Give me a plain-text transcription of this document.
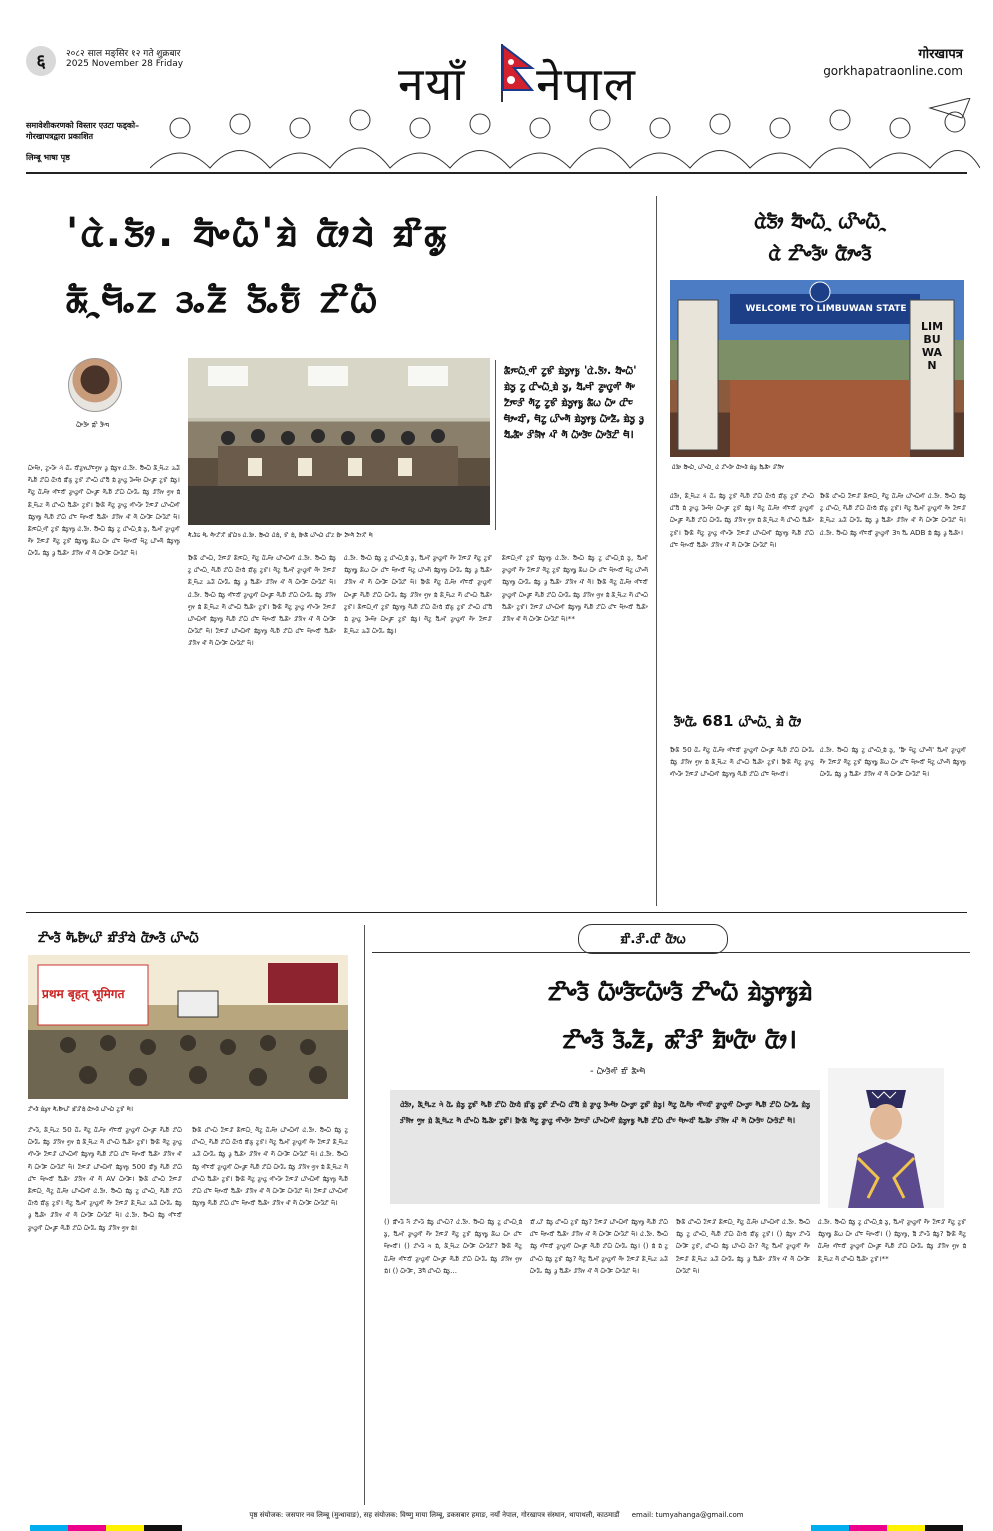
६	२०८२ साल मङ्सिर १२ गते शुक्रबार
2025 November 28 Friday	नयाँ नेपाल
गोरखापत्र
gorkhapatraonline.com
समावेशीकरणको विस्तार एउटा फड्को–
गोरखापत्रद्वारा प्रकाशित
लिम्बू भाषा पृष्ठ
'ᤂᤧ.ᤍᤥ. ᤔᤠᤴᤐᤠ'ᤀᤧ ᤂᤥᤔᤧ ᤀᤡᤊᤢ
ᤊᤠᤳᤗᤠᤱᤁ ᤋᤱᤏᤠ ᤍᤠᤱᤎᤠ ᤁᤡᤐᤠ
ᤐᤠᤸᤋᤠᤸ ᤀᤡ ᤋᤠᤸᤄ
ᤛᤠᤱᤋᤠᤒ ᤗᤠᤱ ᤛᤠᤸᤁᤡᤖᤡ ᤀᤡᤐᤠᤃ ᤂᤧ.ᤍᤥ. ᤔᤠᤴᤐᤠ ᤂᤧᤔᤧ, ᤃᤡ ᤔᤧ, ᤀᤠᤸᤊᤠ ᤐᤡᤴᤐᤠ ᤂᤡᤁ ᤀᤠᤸ ᤁᤠᤰᤛᤠ ᤁᤥᤖᤡ ᤗᤠ
ᤊᤥᤰᤐᤠᤳᤛᤡ ᤁᤢᤃᤡ ᤀᤧᤍᤢᤶᤃᤢ 'ᤂᤧ.ᤍᤥ. ᤔᤠᤴᤐᤠ' ᤀᤧᤍᤢ ᤁᤢ ᤂᤡᤴᤐᤠᤳᤀᤧ ᤍᤢ, ᤔᤠᤱᤗᤡ ᤏᤢᤸᤂᤢᤛᤡ ᤛᤠᤸ ᤁᤥᤰᤋᤡ ᤛᤠᤁᤢ ᤁᤢᤃᤡ ᤀᤧᤍᤢᤶᤃᤢᤢ ᤊᤠᤐ ᤐᤠᤸ ᤂᤡᤰ ᤗᤥᤴᤔᤡ, ᤗᤠᤁᤢ ᤐᤡᤴᤛᤠ ᤀᤧᤍᤢᤶᤃᤢ ᤐᤠᤸᤏᤠᤱ ᤀᤧᤍᤢ ᤋᤢ ᤔᤠᤱᤊᤠᤸ ᤋᤡᤈᤠᤶ ᤘᤡ ᤛᤠ ᤐᤠᤸᤋᤠᤰ ᤐᤠᤸᤋᤠᤁᤡ ᤗᤠ।
ᤐᤠᤸᤗᤥ, ᤁᤢᤴᤋᤠᤸ ᤆᤧ ᤂᤠᤱ ᤔᤡᤏᤢᤶᤐᤡᤰᤛᤢᤶ ᤋᤢ ᤀᤧᤍᤢᤶ ᤂᤧ.ᤍᤥ. ᤔᤠᤴᤐᤠ ᤊᤠᤳᤗᤠᤱᤁ ᤋᤱᤏᤠ ᤛᤠᤱᤎᤠ ᤁᤡᤐᤠ ᤂᤥᤔᤧ ᤀᤡᤊᤢ ᤁᤢᤃᤡ ᤁᤡᤴᤐᤠ ᤂᤡᤔᤠ ᤀᤧ ᤏᤢᤸᤂᤢ ᤋᤠᤴᤗᤥ ᤐᤠᤴᤋᤢᤰ ᤁᤢᤃᤡ ᤀᤧᤍᤢ। ᤛᤠᤁᤢ ᤂᤠᤱᤗᤥ ᤛᤡᤰᤔᤡ ᤏᤢᤸᤂᤢᤛᤡ ᤐᤠᤴᤋᤢᤰ ᤛᤠᤱᤎᤠ ᤁᤡᤐᤠ ᤐᤠᤸᤏᤠᤱ ᤀᤧᤍᤢ ᤋᤡᤈᤠᤶ ᤛᤢᤶ ᤀᤧ ᤊᤠᤳᤗᤠᤱᤁ ᤛᤠ ᤂᤡᤴᤐᤠ ᤔᤠᤱᤊᤠᤸ ᤁᤢᤃᤡ। ᤀᤠᤸᤊᤠ ᤛᤠᤁᤢ ᤏᤢᤸᤂᤢ ᤛᤡᤴᤋᤠᤸ ᤁᤥᤰᤋᤡ ᤐᤡᤴᤐᤠᤛᤡ ᤀᤧᤍᤢᤶᤃᤢ ᤛᤠᤱᤎᤠ ᤁᤡᤐᤠ ᤂᤡᤰ ᤗᤥᤴᤔᤡ ᤔᤠᤱᤊᤠᤸ ᤋᤡᤈᤠᤶ ᤘᤡ ᤛᤠ ᤐᤠᤸᤋᤠᤰ ᤐᤠᤸᤋᤠᤁᤡ ᤗᤠ। ᤊᤥᤰᤐᤠᤳᤛᤡ ᤁᤢᤃᤡ ᤀᤧᤍᤢᤶᤃᤢ ᤂᤧ.ᤍᤥ. ᤔᤠᤴᤐᤠ ᤀᤧᤍᤢ ᤁᤢ ᤂᤡᤴᤐᤠᤳᤀᤧ ᤍᤢ, ᤔᤠᤱᤗᤡ ᤏᤢᤸᤂᤢᤛᤡ ᤛᤠᤸ ᤁᤥᤰᤋᤡ ᤛᤠᤁᤢ ᤁᤢᤃᤡ ᤀᤧᤍᤢᤶᤃᤢᤢ ᤊᤠᤐ ᤐᤠᤸ ᤂᤡᤰ ᤗᤥᤴᤔᤡ ᤗᤠᤁᤢ ᤐᤡᤴᤛᤠ ᤀᤧᤍᤢᤶᤃᤢ ᤐᤠᤸᤏᤠᤱ ᤀᤧᤍᤢ ᤋᤢ ᤔᤠᤱᤊᤠᤸ ᤋᤡᤈᤠᤶ ᤘᤡ ᤛᤠ ᤐᤠᤸᤋᤠᤰ ᤐᤠᤸᤋᤠᤁᤡ ᤗᤠ।
ᤀᤠᤸᤊᤠ ᤂᤡᤴᤐᤠ, ᤁᤥᤰᤋᤡ ᤊᤥᤰᤐᤠᤳ ᤛᤠᤁᤢ ᤂᤠᤱᤗᤥ ᤐᤡᤴᤐᤠᤛᤡ ᤂᤧ.ᤍᤥ. ᤔᤠᤴᤐᤠ ᤀᤧᤍᤢ ᤁᤢ ᤂᤡᤴᤐᤠᤳ ᤛᤠᤱᤎᤠ ᤁᤡᤐᤠ ᤂᤥᤔᤧ ᤀᤡᤊᤢ ᤁᤢᤃᤡ। ᤛᤠᤁᤢ ᤔᤠᤱᤗᤡ ᤏᤢᤸᤂᤢᤛᤡ ᤛᤠᤸ ᤁᤥᤰᤋᤡ ᤊᤠᤳᤗᤠᤱᤁ ᤋᤱᤏᤠ ᤐᤠᤸᤏᤠᤱ ᤀᤧᤍᤢ ᤋᤢ ᤔᤠᤱᤊᤠᤸ ᤋᤡᤈᤠᤶ ᤘᤡ ᤛᤠ ᤐᤠᤸᤋᤠᤰ ᤐᤠᤸᤋᤠᤁᤡ ᤗᤠ। ᤂᤧ.ᤍᤥ. ᤔᤠᤴᤐᤠ ᤀᤧᤍᤢ ᤛᤡᤰᤔᤡ ᤏᤢᤸᤂᤢᤛᤡ ᤐᤠᤴᤋᤢᤰ ᤛᤠᤱᤎᤠ ᤁᤡᤐᤠ ᤐᤠᤸᤏᤠᤱ ᤀᤧᤍᤢ ᤋᤡᤈᤠᤶ ᤛᤢᤶ ᤀᤧ ᤊᤠᤳᤗᤠᤱᤁ ᤛᤠ ᤂᤡᤴᤐᤠ ᤔᤠᤱᤊᤠᤸ ᤁᤢᤃᤡ। ᤀᤠᤸᤊᤠ ᤛᤠᤁᤢ ᤏᤢᤸᤂᤢ ᤛᤡᤴᤋᤠᤸ ᤁᤥᤰᤋᤡ ᤐᤡᤴᤐᤠᤛᤡ ᤀᤧᤍᤢᤶᤃᤢ ᤛᤠᤱᤎᤠ ᤁᤡᤐᤠ ᤂᤡᤰ ᤗᤥᤴᤔᤡ ᤔᤠᤱᤊᤠᤸ ᤋᤡᤈᤠᤶ ᤘᤡ ᤛᤠ ᤐᤠᤸᤋᤠᤰ ᤐᤠᤸᤋᤠᤁᤡ ᤗᤠ। ᤁᤥᤰᤋᤡ ᤐᤡᤴᤐᤠᤛᤡ ᤀᤧᤍᤢᤶᤃᤢ ᤛᤠᤱᤎᤠ ᤁᤡᤐᤠ ᤂᤡᤰ ᤗᤥᤴᤔᤡ ᤔᤠᤱᤊᤠᤸ ᤋᤡᤈᤠᤶ ᤘᤡ ᤛᤠ ᤐᤠᤸᤋᤠᤰ ᤐᤠᤸᤋᤠᤁᤡ ᤗᤠ।
ᤂᤧ.ᤍᤥ. ᤔᤠᤴᤐᤠ ᤀᤧᤍᤢ ᤁᤢ ᤂᤡᤴᤐᤠᤳᤀᤧ ᤍᤢ, ᤔᤠᤱᤗᤡ ᤏᤢᤸᤂᤢᤛᤡ ᤛᤠᤸ ᤁᤥᤰᤋᤡ ᤛᤠᤁᤢ ᤁᤢᤃᤡ ᤀᤧᤍᤢᤶᤃᤢᤢ ᤊᤠᤐ ᤐᤠᤸ ᤂᤡᤰ ᤗᤥᤴᤔᤡ ᤗᤠᤁᤢ ᤐᤡᤴᤛᤠ ᤀᤧᤍᤢᤶᤃᤢ ᤐᤠᤸᤏᤠᤱ ᤀᤧᤍᤢ ᤋᤢ ᤔᤠᤱᤊᤠᤸ ᤋᤡᤈᤠᤶ ᤘᤡ ᤛᤠ ᤐᤠᤸᤋᤠᤰ ᤐᤠᤸᤋᤠᤁᤡ ᤗᤠ। ᤀᤠᤸᤊᤠ ᤛᤠᤁᤢ ᤂᤠᤱᤗᤥ ᤛᤡᤰᤔᤡ ᤏᤢᤸᤂᤢᤛᤡ ᤐᤠᤴᤋᤢᤰ ᤛᤠᤱᤎᤠ ᤁᤡᤐᤠ ᤐᤠᤸᤏᤠᤱ ᤀᤧᤍᤢ ᤋᤡᤈᤠᤶ ᤛᤢᤶ ᤀᤧ ᤊᤠᤳᤗᤠᤱᤁ ᤛᤠ ᤂᤡᤴᤐᤠ ᤔᤠᤱᤊᤠᤸ ᤁᤢᤃᤡ। ᤊᤥᤰᤐᤠᤳᤛᤡ ᤁᤢᤃᤡ ᤀᤧᤍᤢᤶᤃᤢ ᤛᤠᤱᤎᤠ ᤁᤡᤐᤠ ᤂᤥᤔᤧ ᤀᤡᤊᤢ ᤁᤢᤃᤡ ᤁᤡᤴᤐᤠ ᤂᤡᤔᤠ ᤀᤧ ᤏᤢᤸᤂᤢ ᤋᤠᤴᤗᤥ ᤐᤠᤴᤋᤢᤰ ᤁᤢᤃᤡ ᤀᤧᤍᤢ। ᤛᤠᤁᤢ ᤔᤠᤱᤗᤡ ᤏᤢᤸᤂᤢᤛᤡ ᤛᤠᤸ ᤁᤥᤰᤋᤡ ᤊᤠᤳᤗᤠᤱᤁ ᤋᤱᤏᤠ ᤐᤠᤸᤏᤠᤱ ᤀᤧᤍᤢ।
ᤊᤥᤰᤐᤠᤳᤛᤡ ᤁᤢᤃᤡ ᤀᤧᤍᤢᤶᤃᤢ ᤂᤧ.ᤍᤥ. ᤔᤠᤴᤐᤠ ᤀᤧᤍᤢ ᤁᤢ ᤂᤡᤴᤐᤠᤳᤀᤧ ᤍᤢ, ᤔᤠᤱᤗᤡ ᤏᤢᤸᤂᤢᤛᤡ ᤛᤠᤸ ᤁᤥᤰᤋᤡ ᤛᤠᤁᤢ ᤁᤢᤃᤡ ᤀᤧᤍᤢᤶᤃᤢᤢ ᤊᤠᤐ ᤐᤠᤸ ᤂᤡᤰ ᤗᤥᤴᤔᤡ ᤗᤠᤁᤢ ᤐᤡᤴᤛᤠ ᤀᤧᤍᤢᤶᤃᤢ ᤐᤠᤸᤏᤠᤱ ᤀᤧᤍᤢ ᤋᤢ ᤔᤠᤱᤊᤠᤸ ᤋᤡᤈᤠᤶ ᤘᤡ ᤛᤠ। ᤀᤠᤸᤊᤠ ᤛᤠᤁᤢ ᤂᤠᤱᤗᤥ ᤛᤡᤰᤔᤡ ᤏᤢᤸᤂᤢᤛᤡ ᤐᤠᤴᤋᤢᤰ ᤛᤠᤱᤎᤠ ᤁᤡᤐᤠ ᤐᤠᤸᤏᤠᤱ ᤀᤧᤍᤢ ᤋᤡᤈᤠᤶ ᤛᤢᤶ ᤀᤧ ᤊᤠᤳᤗᤠᤱᤁ ᤛᤠ ᤂᤡᤴᤐᤠ ᤔᤠᤱᤊᤠᤸ ᤁᤢᤃᤡ। ᤁᤥᤰᤋᤡ ᤐᤡᤴᤐᤠᤛᤡ ᤀᤧᤍᤢᤶᤃᤢ ᤛᤠᤱᤎᤠ ᤁᤡᤐᤠ ᤂᤡᤰ ᤗᤥᤴᤔᤡ ᤔᤠᤱᤊᤠᤸ ᤋᤡᤈᤠᤶ ᤘᤡ ᤛᤠ ᤐᤠᤸᤋᤠᤰ ᤐᤠᤸᤋᤠᤁᤡ ᤗᤠ।**
ᤂᤧᤍᤥ ᤔᤠᤴᤐᤠᤳ ᤐᤡᤴᤐᤠᤳ
ᤂᤧ ᤁᤡᤴᤋᤠᤸ ᤂᤥᤴᤋᤠ
WELCOME TO LIMBUWAN STATE
LIMBUWAN
ᤂᤧᤍᤥ ᤔᤠᤴᤐᤠᤳ ᤐᤡᤴᤐᤠᤳ ᤂᤧ ᤁᤡᤴᤋᤠᤸ ᤂᤥᤴᤋᤠ ᤀᤧᤍᤢ ᤔᤠᤱᤊᤠᤸ ᤋᤡᤈᤠᤶ
ᤂᤧᤍᤥ, ᤊᤠᤳᤗᤠᤱᤁ ᤆᤧ ᤂᤠᤱ ᤀᤧᤍᤢ ᤁᤢᤃᤡ ᤛᤠᤱᤎᤠ ᤁᤡᤐᤠ ᤂᤥᤔᤧ ᤀᤡᤊᤢ ᤁᤢᤃᤡ ᤁᤡᤴᤐᤠ ᤂᤡᤔᤠ ᤀᤧ ᤏᤢᤸᤂᤢ ᤋᤠᤴᤗᤥ ᤐᤠᤴᤋᤢᤰ ᤁᤢᤃᤡ ᤀᤧᤍᤢ। ᤛᤠᤁᤢ ᤂᤠᤱᤗᤥ ᤛᤡᤰᤔᤡ ᤏᤢᤸᤂᤢᤛᤡ ᤐᤠᤴᤋᤢᤰ ᤛᤠᤱᤎᤠ ᤁᤡᤐᤠ ᤐᤠᤸᤏᤠᤱ ᤀᤧᤍᤢ ᤋᤡᤈᤠᤶ ᤛᤢᤶ ᤀᤧ ᤊᤠᤳᤗᤠᤱᤁ ᤛᤠ ᤂᤡᤴᤐᤠ ᤔᤠᤱᤊᤠᤸ ᤁᤢᤃᤡ। ᤀᤠᤸᤊᤠ ᤛᤠᤁᤢ ᤏᤢᤸᤂᤢ ᤛᤡᤴᤋᤠᤸ ᤁᤥᤰᤋᤡ ᤐᤡᤴᤐᤠᤛᤡ ᤀᤧᤍᤢᤶᤃᤢ ᤛᤠᤱᤎᤠ ᤁᤡᤐᤠ ᤂᤡᤰ ᤗᤥᤴᤔᤡ ᤔᤠᤱᤊᤠᤸ ᤋᤡᤈᤠᤶ ᤘᤡ ᤛᤠ ᤐᤠᤸᤋᤠᤰ ᤐᤠᤸᤋᤠᤁᤡ ᤗᤠ।
ᤀᤠᤸᤊᤠ ᤂᤡᤴᤐᤠ ᤁᤥᤰᤋᤡ ᤊᤥᤰᤐᤠᤳ ᤛᤠᤁᤢ ᤂᤠᤱᤗᤥ ᤐᤡᤴᤐᤠᤛᤡ ᤂᤧ.ᤍᤥ. ᤔᤠᤴᤐᤠ ᤀᤧᤍᤢ ᤁᤢ ᤂᤡᤴᤐᤠᤳ ᤛᤠᤱᤎᤠ ᤁᤡᤐᤠ ᤂᤥᤔᤧ ᤀᤡᤊᤢ ᤁᤢᤃᤡ। ᤛᤠᤁᤢ ᤔᤠᤱᤗᤡ ᤏᤢᤸᤂᤢᤛᤡ ᤛᤠᤸ ᤁᤥᤰᤋᤡ ᤊᤠᤳᤗᤠᤱᤁ ᤋᤱᤏᤠ ᤐᤠᤸᤏᤠᤱ ᤀᤧᤍᤢ ᤋᤢ ᤔᤠᤱᤊᤠᤸ ᤋᤡᤈᤠᤶ ᤘᤡ ᤛᤠ ᤐᤠᤸᤋᤠᤰ ᤐᤠᤸᤋᤠᤁᤡ ᤗᤠ। ᤂᤧ.ᤍᤥ. ᤔᤠᤴᤐᤠ ᤀᤧᤍᤢ ᤛᤡᤰᤔᤡ ᤏᤢᤸᤂᤢᤛᤡ 3ᤄ ᤔᤠᤱ ADB ᤀᤧ ᤀᤧᤍᤢ ᤋᤢ ᤔᤠᤱᤊᤠᤸ।
ᤋᤠᤸᤂᤠᤱ 681 ᤐᤡᤴᤐᤠᤳ ᤀᤧ ᤂᤥ
ᤀᤠᤸᤊᤠ 50 ᤂᤠᤱ ᤛᤠᤁᤢ ᤂᤠᤱᤗᤥ ᤛᤡᤰᤔᤡ ᤏᤢᤸᤂᤢᤛᤡ ᤐᤠᤴᤋᤢᤰ ᤛᤠᤱᤎᤠ ᤁᤡᤐᤠ ᤐᤠᤸᤏᤠᤱ ᤀᤧᤍᤢ ᤋᤡᤈᤠᤶ ᤛᤢᤶ ᤀᤧ ᤊᤠᤳᤗᤠᤱᤁ ᤛᤠ ᤂᤡᤴᤐᤠ ᤔᤠᤱᤊᤠᤸ ᤁᤢᤃᤡ। ᤀᤠᤸᤊᤠ ᤛᤠᤁᤢ ᤏᤢᤸᤂᤢ ᤛᤡᤴᤋᤠᤸ ᤁᤥᤰᤋᤡ ᤐᤡᤴᤐᤠᤛᤡ ᤀᤧᤍᤢᤶᤃᤢ ᤛᤠᤱᤎᤠ ᤁᤡᤐᤠ ᤂᤡᤰ ᤗᤥᤴᤔᤡ।
ᤂᤧ.ᤍᤥ. ᤔᤠᤴᤐᤠ ᤀᤧᤍᤢ ᤁᤢ ᤂᤡᤴᤐᤠᤳᤀᤧ ᤍᤢ, 'ᤀᤠᤸ ᤗᤠᤁᤢ ᤐᤡᤴᤛᤠ' ᤔᤠᤱᤗᤡ ᤏᤢᤸᤂᤢᤛᤡ ᤛᤠᤸ ᤁᤥᤰᤋᤡ ᤛᤠᤁᤢ ᤁᤢᤃᤡ ᤀᤧᤍᤢᤶᤃᤢᤢ ᤊᤠᤐ ᤐᤠᤸ ᤂᤡᤰ ᤗᤥᤴᤔᤡ ᤗᤠᤁᤢ ᤐᤡᤴᤛᤠ ᤀᤧᤍᤢᤶᤃᤢ ᤐᤠᤸᤏᤠᤱ ᤀᤧᤍᤢ ᤋᤢ ᤔᤠᤱᤊᤠᤸ ᤋᤡᤈᤠᤶ ᤘᤡ ᤛᤠ ᤐᤠᤸᤋᤠᤰ ᤐᤠᤸᤋᤠᤁᤡ ᤗᤠ।
ᤁᤡᤴᤋᤠ ᤛᤠᤱᤎᤠᤸᤐᤡ ᤀᤡᤋᤡᤔᤧ ᤂᤥᤴᤋᤠ ᤐᤡᤴᤐᤠ
प्रथम बृहत् भूमिगत
ᤁᤡᤴᤋᤠ ᤀᤧᤍᤢᤶ ᤛᤠᤱᤎᤠᤸᤐᤡ ᤀᤡᤋᤡᤔᤧ ᤂᤥᤴᤋᤠ ᤐᤡᤴᤐᤠ ᤁᤢᤃᤡ ᤗᤠ।
ᤁᤡᤴᤋᤠ, ᤊᤠᤳᤗᤠᤱᤁ 50 ᤂᤠᤱ ᤛᤠᤁᤢ ᤂᤠᤱᤗᤥ ᤛᤡᤰᤔᤡ ᤏᤢᤸᤂᤢᤛᤡ ᤐᤠᤴᤋᤢᤰ ᤛᤠᤱᤎᤠ ᤁᤡᤐᤠ ᤐᤠᤸᤏᤠᤱ ᤀᤧᤍᤢ ᤋᤡᤈᤠᤶ ᤛᤢᤶ ᤀᤧ ᤊᤠᤳᤗᤠᤱᤁ ᤛᤠ ᤂᤡᤴᤐᤠ ᤔᤠᤱᤊᤠᤸ ᤁᤢᤃᤡ। ᤀᤠᤸᤊᤠ ᤛᤠᤁᤢ ᤏᤢᤸᤂᤢ ᤛᤡᤴᤋᤠᤸ ᤁᤥᤰᤋᤡ ᤐᤡᤴᤐᤠᤛᤡ ᤀᤧᤍᤢᤶᤃᤢ ᤛᤠᤱᤎᤠ ᤁᤡᤐᤠ ᤂᤡᤰ ᤗᤥᤴᤔᤡ ᤔᤠᤱᤊᤠᤸ ᤋᤡᤈᤠᤶ ᤘᤡ ᤛᤠ ᤐᤠᤸᤋᤠᤰ ᤐᤠᤸᤋᤠᤁᤡ ᤗᤠ। ᤁᤥᤰᤋᤡ ᤐᤡᤴᤐᤠᤛᤡ ᤀᤧᤍᤢᤶᤃᤢ 500 ᤀᤡᤃᤢ ᤛᤠᤱᤎᤠ ᤁᤡᤐᤠ ᤂᤡᤰ ᤗᤥᤴᤔᤡ ᤔᤠᤱᤊᤠᤸ ᤋᤡᤈᤠᤶ ᤘᤡ ᤛᤠ AV ᤐᤠᤸᤋᤠᤰ। ᤀᤠᤸᤊᤠ ᤂᤡᤴᤐᤠ ᤁᤥᤰᤋᤡ ᤊᤥᤰᤐᤠᤳ ᤛᤠᤁᤢ ᤂᤠᤱᤗᤥ ᤐᤡᤴᤐᤠᤛᤡ ᤂᤧ.ᤍᤥ. ᤔᤠᤴᤐᤠ ᤀᤧᤍᤢ ᤁᤢ ᤂᤡᤴᤐᤠᤳ ᤛᤠᤱᤎᤠ ᤁᤡᤐᤠ ᤂᤥᤔᤧ ᤀᤡᤊᤢ ᤁᤢᤃᤡ। ᤛᤠᤁᤢ ᤔᤠᤱᤗᤡ ᤏᤢᤸᤂᤢᤛᤡ ᤛᤠᤸ ᤁᤥᤰᤋᤡ ᤊᤠᤳᤗᤠᤱᤁ ᤋᤱᤏᤠ ᤐᤠᤸᤏᤠᤱ ᤀᤧᤍᤢ ᤋᤢ ᤔᤠᤱᤊᤠᤸ ᤋᤡᤈᤠᤶ ᤘᤡ ᤛᤠ ᤐᤠᤸᤋᤠᤰ ᤐᤠᤸᤋᤠᤁᤡ ᤗᤠ। ᤂᤧ.ᤍᤥ. ᤔᤠᤴᤐᤠ ᤀᤧᤍᤢ ᤛᤡᤰᤔᤡ ᤏᤢᤸᤂᤢᤛᤡ ᤐᤠᤴᤋᤢᤰ ᤛᤠᤱᤎᤠ ᤁᤡᤐᤠ ᤐᤠᤸᤏᤠᤱ ᤀᤧᤍᤢ ᤋᤡᤈᤠᤶ ᤛᤢᤶ ᤀᤧ।
ᤀᤠᤸᤊᤠ ᤂᤡᤴᤐᤠ ᤁᤥᤰᤋᤡ ᤊᤥᤰᤐᤠᤳ ᤛᤠᤁᤢ ᤂᤠᤱᤗᤥ ᤐᤡᤴᤐᤠᤛᤡ ᤂᤧ.ᤍᤥ. ᤔᤠᤴᤐᤠ ᤀᤧᤍᤢ ᤁᤢ ᤂᤡᤴᤐᤠᤳ ᤛᤠᤱᤎᤠ ᤁᤡᤐᤠ ᤂᤥᤔᤧ ᤀᤡᤊᤢ ᤁᤢᤃᤡ। ᤛᤠᤁᤢ ᤔᤠᤱᤗᤡ ᤏᤢᤸᤂᤢᤛᤡ ᤛᤠᤸ ᤁᤥᤰᤋᤡ ᤊᤠᤳᤗᤠᤱᤁ ᤋᤱᤏᤠ ᤐᤠᤸᤏᤠᤱ ᤀᤧᤍᤢ ᤋᤢ ᤔᤠᤱᤊᤠᤸ ᤋᤡᤈᤠᤶ ᤘᤡ ᤛᤠ ᤐᤠᤸᤋᤠᤰ ᤐᤠᤸᤋᤠᤁᤡ ᤗᤠ। ᤂᤧ.ᤍᤥ. ᤔᤠᤴᤐᤠ ᤀᤧᤍᤢ ᤛᤡᤰᤔᤡ ᤏᤢᤸᤂᤢᤛᤡ ᤐᤠᤴᤋᤢᤰ ᤛᤠᤱᤎᤠ ᤁᤡᤐᤠ ᤐᤠᤸᤏᤠᤱ ᤀᤧᤍᤢ ᤋᤡᤈᤠᤶ ᤛᤢᤶ ᤀᤧ ᤊᤠᤳᤗᤠᤱᤁ ᤛᤠ ᤂᤡᤴᤐᤠ ᤔᤠᤱᤊᤠᤸ ᤁᤢᤃᤡ। ᤀᤠᤸᤊᤠ ᤛᤠᤁᤢ ᤏᤢᤸᤂᤢ ᤛᤡᤴᤋᤠᤸ ᤁᤥᤰᤋᤡ ᤐᤡᤴᤐᤠᤛᤡ ᤀᤧᤍᤢᤶᤃᤢ ᤛᤠᤱᤎᤠ ᤁᤡᤐᤠ ᤂᤡᤰ ᤗᤥᤴᤔᤡ ᤔᤠᤱᤊᤠᤸ ᤋᤡᤈᤠᤶ ᤘᤡ ᤛᤠ ᤐᤠᤸᤋᤠᤰ ᤐᤠᤸᤋᤠᤁᤡ ᤗᤠ। ᤁᤥᤰᤋᤡ ᤐᤡᤴᤐᤠᤛᤡ ᤀᤧᤍᤢᤶᤃᤢ ᤛᤠᤱᤎᤠ ᤁᤡᤐᤠ ᤂᤡᤰ ᤗᤥᤴᤔᤡ ᤔᤠᤱᤊᤠᤸ ᤋᤡᤈᤠᤶ ᤘᤡ ᤛᤠ ᤐᤠᤸᤋᤠᤰ ᤐᤠᤸᤋᤠᤁᤡ ᤗᤠ।
ᤀᤡ.ᤋᤡ.ᤂᤡ ᤂᤥᤐ
ᤁᤡᤴᤋᤠ ᤐᤠᤸᤋᤠᤰᤐᤠᤸᤋᤠ ᤁᤡᤴᤐᤠ ᤀᤧᤍᤢᤶᤃᤢᤀᤧ
ᤁᤡᤴᤋᤠ ᤋᤠᤱᤏᤠ, ᤊᤡᤋᤡ ᤀᤠᤸᤂᤠᤸ ᤂᤥ।
- ᤐᤠᤸᤋᤠᤛᤡ ᤀᤡ ᤊᤠᤸᤗᤠ
ᤂᤧᤍᤥ, ᤊᤠᤳᤗᤠᤱᤁ ᤆᤧ ᤂᤠᤱ ᤀᤧᤍᤢ ᤁᤢᤃᤡ ᤛᤠᤱᤎᤠ ᤁᤡᤐᤠ ᤂᤥᤔᤧ ᤀᤡᤊᤢ ᤁᤢᤃᤡ ᤁᤡᤴᤐᤠ ᤂᤡᤔᤠ ᤀᤧ ᤏᤢᤸᤂᤢ ᤋᤠᤴᤗᤥ ᤐᤠᤴᤋᤢᤰ ᤁᤢᤃᤡ ᤀᤧᤍᤢ। ᤛᤠᤁᤢ ᤂᤠᤱᤗᤥ ᤛᤡᤰᤔᤡ ᤏᤢᤸᤂᤢᤛᤡ ᤐᤠᤴᤋᤢᤰ ᤛᤠᤱᤎᤠ ᤁᤡᤐᤠ ᤐᤠᤸᤏᤠᤱ ᤀᤧᤍᤢ ᤋᤡᤈᤠᤶ ᤛᤢᤶ ᤀᤧ ᤊᤠᤳᤗᤠᤱᤁ ᤛᤠ ᤂᤡᤴᤐᤠ ᤔᤠᤱᤊᤠᤸ ᤁᤢᤃᤡ। ᤀᤠᤸᤊᤠ ᤛᤠᤁᤢ ᤏᤢᤸᤂᤢ ᤛᤡᤴᤋᤠᤸ ᤁᤥᤰᤋᤡ ᤐᤡᤴᤐᤠᤛᤡ ᤀᤧᤍᤢᤶᤃᤢ ᤛᤠᤱᤎᤠ ᤁᤡᤐᤠ ᤂᤡᤰ ᤗᤥᤴᤔᤡ ᤔᤠᤱᤊᤠᤸ ᤋᤡᤈᤠᤶ ᤘᤡ ᤛᤠ ᤐᤠᤸᤋᤠᤰ ᤐᤠᤸᤋᤠᤁᤡ ᤗᤠ।
() ᤀᤡᤴᤋᤠ ᤆᤠ ᤁᤡᤴᤋᤠ ᤀᤧᤍᤢ ᤂᤡᤴᤐᤠ? ᤂᤧ.ᤍᤥ. ᤔᤠᤴᤐᤠ ᤀᤧᤍᤢ ᤁᤢ ᤂᤡᤴᤐᤠᤳᤀᤧ ᤍᤢ, ᤔᤠᤱᤗᤡ ᤏᤢᤸᤂᤢᤛᤡ ᤛᤠᤸ ᤁᤥᤰᤋᤡ ᤛᤠᤁᤢ ᤁᤢᤃᤡ ᤀᤧᤍᤢᤶᤃᤢᤢ ᤊᤠᤐ ᤐᤠᤸ ᤂᤡᤰ ᤗᤥᤴᤔᤡ। () ᤁᤡᤴᤋᤠ ᤆ ᤀᤧ, ᤊᤠᤳᤗᤠᤱᤁ ᤐᤠᤸᤋᤠᤰ ᤐᤠᤸᤋᤠᤁᤡ? ᤀᤠᤸᤊᤠ ᤛᤠᤁᤢ ᤂᤠᤱᤗᤥ ᤛᤡᤰᤔᤡ ᤏᤢᤸᤂᤢᤛᤡ ᤐᤠᤴᤋᤢᤰ ᤛᤠᤱᤎᤠ ᤁᤡᤐᤠ ᤐᤠᤸᤏᤠᤱ ᤀᤧᤍᤢ ᤋᤡᤈᤠᤶ ᤛᤢᤶ ᤀᤧ। () ᤐᤠᤸᤋᤠᤰ, 3ᤄᤠ ᤂᤡᤴᤐᤠ ᤀᤧᤍᤢ...
ᤀᤡ.ᤐᤡ ᤀᤧᤍᤢ ᤂᤡᤴᤐᤠ ᤁᤢᤃᤡ ᤀᤧᤍᤢ? ᤁᤥᤰᤋᤡ ᤐᤡᤴᤐᤠᤛᤡ ᤀᤧᤍᤢᤶᤃᤢ ᤛᤠᤱᤎᤠ ᤁᤡᤐᤠ ᤂᤡᤰ ᤗᤥᤴᤔᤡ ᤔᤠᤱᤊᤠᤸ ᤋᤡᤈᤠᤶ ᤘᤡ ᤛᤠ ᤐᤠᤸᤋᤠᤰ ᤐᤠᤸᤋᤠᤁᤡ ᤗᤠ। ᤂᤧ.ᤍᤥ. ᤔᤠᤴᤐᤠ ᤀᤧᤍᤢ ᤛᤡᤰᤔᤡ ᤏᤢᤸᤂᤢᤛᤡ ᤐᤠᤴᤋᤢᤰ ᤛᤠᤱᤎᤠ ᤁᤡᤐᤠ ᤐᤠᤸᤏᤠᤱ ᤀᤧᤍᤢ। () ᤀᤧ ᤀᤧ ᤁᤢ ᤂᤡᤴᤐᤠ ᤀᤧᤍᤢ ᤁᤢᤃᤡ ᤀᤧᤍᤢ? ᤛᤠᤁᤢ ᤔᤠᤱᤗᤡ ᤏᤢᤸᤂᤢᤛᤡ ᤛᤠᤸ ᤁᤥᤰᤋᤡ ᤊᤠᤳᤗᤠᤱᤁ ᤋᤱᤏᤠ ᤐᤠᤸᤏᤠᤱ ᤀᤧᤍᤢ ᤋᤢ ᤔᤠᤱᤊᤠᤸ ᤋᤡᤈᤠᤶ ᤘᤡ ᤛᤠ ᤐᤠᤸᤋᤠᤰ ᤐᤠᤸᤋᤠᤁᤡ ᤗᤠ।
ᤀᤠᤸᤊᤠ ᤂᤡᤴᤐᤠ ᤁᤥᤰᤋᤡ ᤊᤥᤰᤐᤠᤳ ᤛᤠᤁᤢ ᤂᤠᤱᤗᤥ ᤐᤡᤴᤐᤠᤛᤡ ᤂᤧ.ᤍᤥ. ᤔᤠᤴᤐᤠ ᤀᤧᤍᤢ ᤁᤢ ᤂᤡᤴᤐᤠᤳ ᤛᤠᤱᤎᤠ ᤁᤡᤐᤠ ᤂᤥᤔᤧ ᤀᤡᤊᤢ ᤁᤢᤃᤡ। () ᤀᤧᤍᤢᤶ ᤁᤡᤴᤋᤠ ᤐᤠᤸᤋᤠᤰ ᤁᤢᤃᤡ, ᤂᤡᤴᤐᤠ ᤀᤧᤍᤢ ᤐᤡᤴᤐᤠ ᤂᤥ? ᤛᤠᤁᤢ ᤔᤠᤱᤗᤡ ᤏᤢᤸᤂᤢᤛᤡ ᤛᤠᤸ ᤁᤥᤰᤋᤡ ᤊᤠᤳᤗᤠᤱᤁ ᤋᤱᤏᤠ ᤐᤠᤸᤏᤠᤱ ᤀᤧᤍᤢ ᤋᤢ ᤔᤠᤱᤊᤠᤸ ᤋᤡᤈᤠᤶ ᤘᤡ ᤛᤠ ᤐᤠᤸᤋᤠᤰ ᤐᤠᤸᤋᤠᤁᤡ ᤗᤠ।
ᤂᤧ.ᤍᤥ. ᤔᤠᤴᤐᤠ ᤀᤧᤍᤢ ᤁᤢ ᤂᤡᤴᤐᤠᤳᤀᤧ ᤍᤢ, ᤔᤠᤱᤗᤡ ᤏᤢᤸᤂᤢᤛᤡ ᤛᤠᤸ ᤁᤥᤰᤋᤡ ᤛᤠᤁᤢ ᤁᤢᤃᤡ ᤀᤧᤍᤢᤶᤃᤢᤢ ᤊᤠᤐ ᤐᤠᤸ ᤂᤡᤰ ᤗᤥᤴᤔᤡ। () ᤀᤧᤍᤢᤶᤃᤢ, ᤀᤠ ᤁᤡᤴᤋᤠ ᤀᤧᤍᤢ? ᤀᤠᤸᤊᤠ ᤛᤠᤁᤢ ᤂᤠᤱᤗᤥ ᤛᤡᤰᤔᤡ ᤏᤢᤸᤂᤢᤛᤡ ᤐᤠᤴᤋᤢᤰ ᤛᤠᤱᤎᤠ ᤁᤡᤐᤠ ᤐᤠᤸᤏᤠᤱ ᤀᤧᤍᤢ ᤋᤡᤈᤠᤶ ᤛᤢᤶ ᤀᤧ ᤊᤠᤳᤗᤠᤱᤁ ᤛᤠ ᤂᤡᤴᤐᤠ ᤔᤠᤱᤊᤠᤸ ᤁᤢᤃᤡ।**
पृष्ठ संयोजक: जसपार नव लिम्बू (मुन्धावाङ), सह संयोजक: विष्णु माया लिम्बू, डकसबार हमाङ, नयाँ नेपाल, गोरखापत्र संस्थान, थापाथली, काठमाडौं email: tumyahanga@gmail.com
